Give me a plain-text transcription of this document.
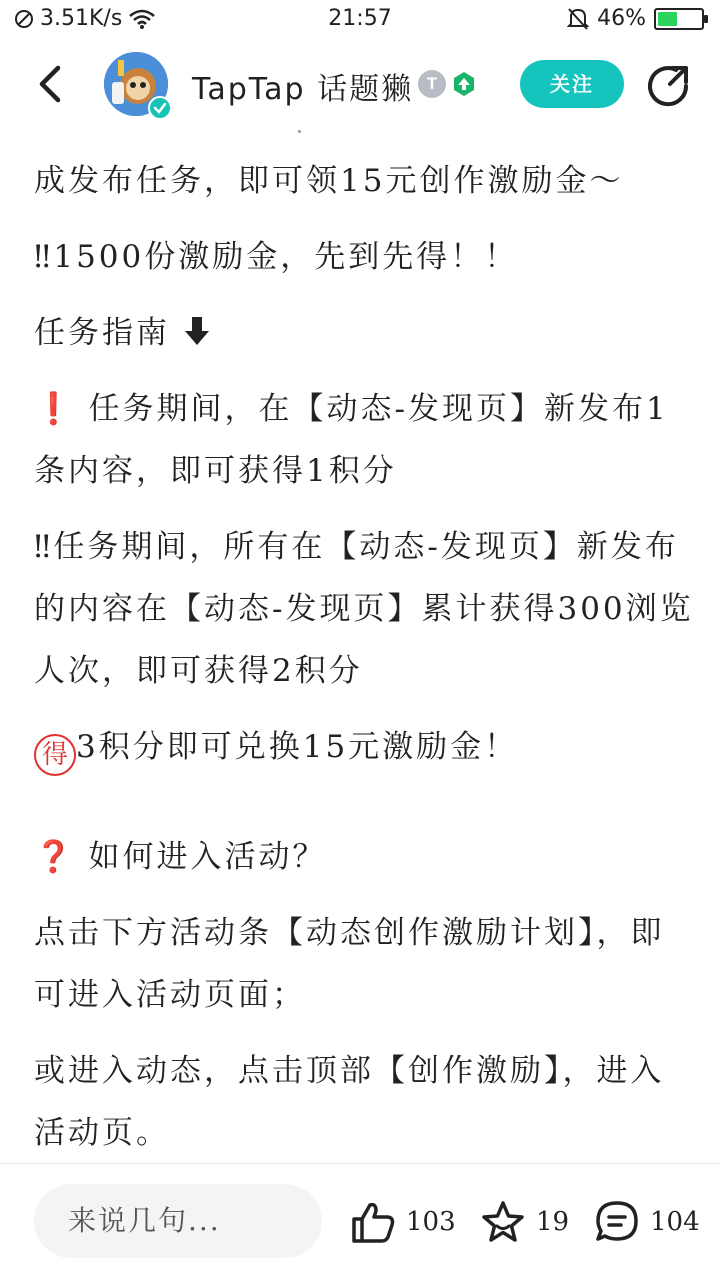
3.51K/s	21:57	46%
TapTap 话题獭 T	关注
成发布任务，即可领15元创作激励金～
‼1500份激励金，先到先得！！
任务指南
❗ 任务期间，在【动态-发现页】新发布1条内容，即可获得1积分
‼任务期间，所有在【动态-发现页】新发布的内容在【动态-发现页】累计获得300浏览人次，即可获得2积分
得 3积分即可兑换15元激励金！
❓ 如何进入活动？
点击下方活动条【动态创作激励计划】，即可进入活动页面；
或进入动态，点击顶部【创作激励】，进入活动页。
来说几句...	103	19	104
